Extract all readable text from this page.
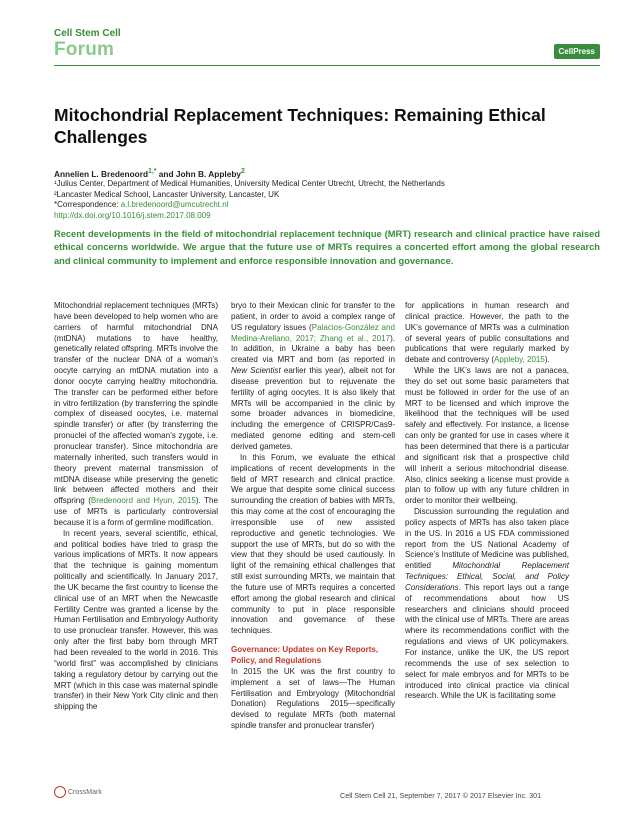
Cell Stem Cell
Forum	CellPress
Mitochondrial Replacement Techniques: Remaining Ethical Challenges
Annelien L. Bredenoord$^{1,*}$ and John B. Appleby$^2$
¹Julius Center, Department of Medical Humanities, University Medical Center Utrecht, Utrecht, the Netherlands
²Lancaster Medical School, Lancaster University, Lancaster, UK
*Correspondence: a.l.bredenoord@umcutrecht.nl
http://dx.doi.org/10.1016/j.stem.2017.08.009
Recent developments in the field of mitochondrial replacement technique (MRT) research and clinical practice have raised ethical concerns worldwide. We argue that the future use of MRTs requires a concerted effort among the global research and clinical community to implement and enforce responsible innovation and governance.

Mitochondrial replacement techniques (MRTs) have been developed to help women who are carriers of harmful mitochondrial DNA (mtDNA) mutations to have healthy, genetically related offspring. MRTs involve the transfer of the nuclear DNA of a woman’s oocyte carrying an mtDNA mutation into a donor oocyte carrying healthy mitochondria. The transfer can be performed either before in vitro fertilization (by transferring the spindle complex of diseased oocytes, i.e. maternal spindle transfer) or after (by transferring the pronuclei of the affected woman’s zygote, i.e. pronuclear transfer). Since mitochondria are maternally inherited, such transfers would in theory prevent maternal transmission of mtDNA disease while preserving the genetic link between affected mothers and their offspring (Bredenoord and Hyun, 2015). The use of MRTs is particularly controversial because it is a form of germline modification.

In recent years, several scientific, ethical, and political bodies have tried to grasp the various implications of MRTs. It now appears that the technique is gaining momentum politically and scientifically. In January 2017, the UK became the first country to license the clinical use of an MRT when the Newcastle Fertility Centre was granted a license by the Human Fertilisation and Embryology Authority to use pronuclear transfer. However, this was only after the first baby born through MRT had been revealed to the world in 2016. This “world first” was accomplished by clinicians taking a regulatory detour by carrying out the MRT (which in this case was maternal spindle transfer) in their New York City clinic and then shipping the

bryo to their Mexican clinic for transfer to the patient, in order to avoid a complex range of US regulatory issues (Palacios-González and Medina-Arellano, 2017; Zhang et al., 2017). In addition, in Ukraine a baby has been created via MRT and born (as reported in New Scientist earlier this year), albeit not for disease prevention but to rejuvenate the fertility of aging oocytes. It is also likely that MRTs will be accompanied in the clinic by some broader advances in biomedicine, including the emergence of CRISPR/Cas9-mediated genome editing and stem-cell derived gametes.

In this Forum, we evaluate the ethical implications of recent developments in the field of MRT research and clinical practice. We argue that despite some clinical success surrounding the creation of babies with MRTs, this may come at the cost of encouraging the irresponsible use of new assisted reproductive and genetic technologies. We support the use of MRTs, but do so with the view that they should be used cautiously. In light of the remaining ethical challenges that still exist surrounding MRTs, we maintain that the future use of MRTs requires a concerted effort among the global research and clinical community to put in place responsible innovation and governance of these techniques.

Governance: Updates on Key Reports, Policy, and Regulations

In 2015 the UK was the first country to implement a set of laws—The Human Fertilisation and Embryology (Mitochondrial Donation) Regulations 2015—specifically devised to regulate MRTs (both maternal spindle transfer and pronuclear transfer)

for applications in human research and clinical practice. However, the path to the UK’s governance of MRTs was a culmination of several years of public consultations and publications that were regularly marked by debate and controversy (Appleby, 2015).

While the UK’s laws are not a panacea, they do set out some basic parameters that must be followed in order for the use of an MRT to be licensed and which improve the likelihood that the techniques will be used safely and effectively. For instance, a license can only be granted for use in cases where it has been determined that there is a particular and significant risk that a prospective child will inherit a serious mitochondrial disease. Also, clinics seeking a license must provide a plan to follow up with any future children in order to monitor their wellbeing.

Discussion surrounding the regulation and policy aspects of MRTs has also taken place in the US. In 2016 a US FDA commissioned report from the US National Academy of Science’s Institute of Medicine was published, entitled Mitochondrial Replacement Techniques: Ethical, Social, and Policy Considerations. This report lays out a range of recommendations about how US researchers and clinicians should proceed with the clinical use of MRTs. There are areas where its recommendations conflict with the regulations and views of UK policymakers. For instance, unlike the UK, the US report recommends the use of sex selection to select for male embryos and for MRTs to be introduced into clinical practice via clinical research. While the UK is facilitating some

CrossMark	Cell Stem Cell 21, September 7, 2017 © 2017 Elsevier Inc. 301
